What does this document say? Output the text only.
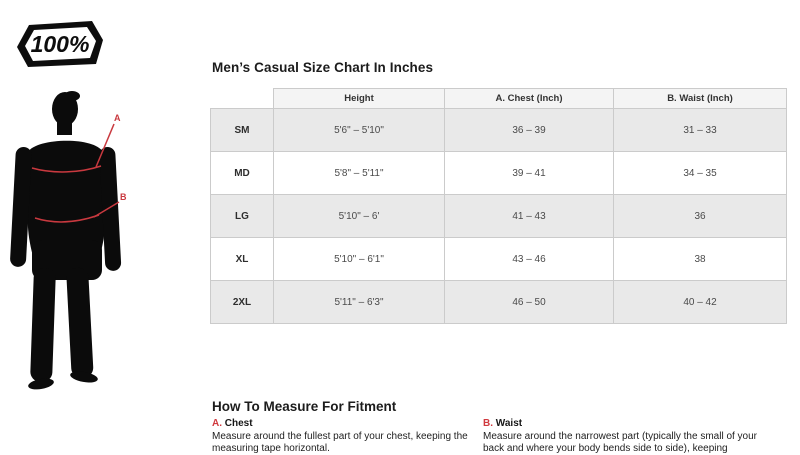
100%
A
B
Men’s Casual Size Chart In Inches
	Height	A. Chest (Inch)	B. Waist (Inch)
SM	5'6" – 5'10"	36 – 39	31 – 33
MD	5'8" – 5'11"	39 – 41	34 – 35
LG	5'10" – 6'	41 – 43	36
XL	5'10" – 6'1"	43 – 46	38
2XL	5'11" – 6'3"	46 – 50	40 – 42
How To Measure For Fitment
A. Chest

Measure around the fullest part of your chest, keeping the measuring tape horizontal.

B. Waist

Measure around the narrowest part (typically the small of your back and where your body bends side to side), keeping
